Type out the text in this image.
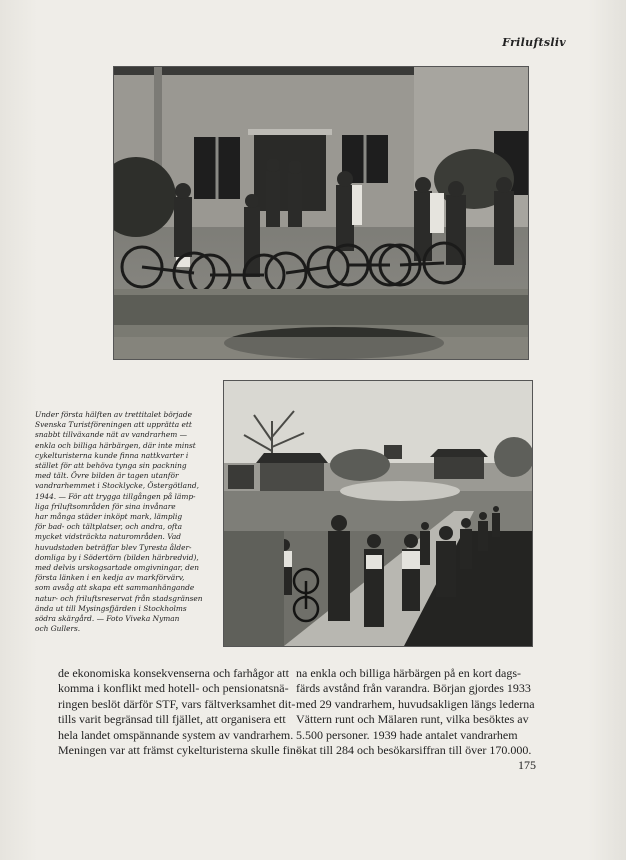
Friluftsliv
Under första hälften av trettitalet började
Svenska Turistföreningen att upprätta ett
snabbt tillväxande nät av vandrarhem —
enkla och billiga härbärgen, där inte minst
cykelturisterna kunde finna nattkvarter i
stället för att behöva tynga sin packning
med tält. Övre bilden är tagen utanför
vandrarhemmet i Stocklycke, Östergötland,
1944. — För att trygga tillgången på lämp-
liga friluftsområden för sina invånare
har många städer inköpt mark, lämplig
för bad- och tältplatser, och andra, ofta
mycket vidsträckta naturområden. Vad
huvudstaden beträffar blev Tyresta ålder-
domliga by i Södertörn (bilden härbredvid),
med delvis urskogsartade omgivningar, den
första länken i en kedja av markförvärv,
som avsåg att skapa ett sammanhängande
natur- och friluftsreservat från stadsgränsen
ända ut till Mysingsfjärden i Stockholms
södra skärgård. — Foto Viveka Nyman
och Gullers.
de ekonomiska konsekvenserna och farhågor att
komma i konflikt med hotell- och pensionatsnä-
ringen beslöt därför STF, vars fältverksamhet dit-
tills varit begränsad till fjället, att organisera ett
hela landet omspännande system av vandrarhem.
Meningen var att främst cykelturisterna skulle fin-
na enkla och billiga härbärgen på en kort dags-
färds avstånd från varandra. Början gjordes 1933
med 29 vandrarhem, huvudsakligen längs lederna
Vättern runt och Mälaren runt, vilka besöktes av
5.500 personer. 1939 hade antalet vandrarhem
ökat till 284 och besökarsiffran till över 170.000.
175
